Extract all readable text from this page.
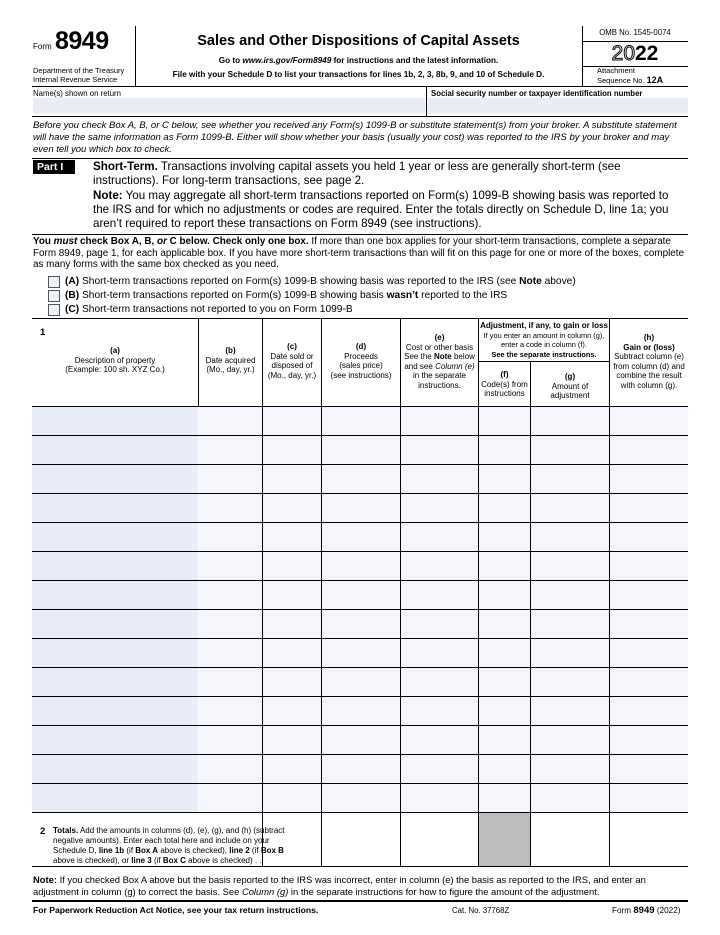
Form 8949
Department of the Treasury
Internal Revenue Service
Sales and Other Dispositions of Capital Assets
Go to www.irs.gov/Form8949 for instructions and the latest information.
File with your Schedule D to list your transactions for lines 1b, 2, 3, 8b, 9, and 10 of Schedule D.
OMB No. 1545-0074
2022
Attachment
Sequence No. 12A
Name(s) shown on return	Social security number or taxpayer identification number
Before you check Box A, B, or C below, see whether you received any Form(s) 1099-B or substitute statement(s) from your broker. A substitute statement will have the same information as Form 1099-B. Either will show whether your basis (usually your cost) was reported to the IRS by your broker and may even tell you which box to check.
Part I	Short-Term. Transactions involving capital assets you held 1 year or less are generally short-term (see instructions). For long-term transactions, see page 2.
Note: You may aggregate all short-term transactions reported on Form(s) 1099-B showing basis was reported to the IRS and for which no adjustments or codes are required. Enter the totals directly on Schedule D, line 1a; you aren’t required to report these transactions on Form 8949 (see instructions).
You must check Box A, B, or C below. Check only one box. If more than one box applies for your short-term transactions, complete a separate Form 8949, page 1, for each applicable box. If you have more short-term transactions than will fit on this page for one or more of the boxes, complete as many forms with the same box checked as you need.
(A) Short-term transactions reported on Form(s) 1099-B showing basis was reported to the IRS (see Note above)
(B) Short-term transactions reported on Form(s) 1099-B showing basis wasn’t reported to the IRS
(C) Short-term transactions not reported to you on Form 1099-B
1
(a)
Description of property
(Example: 100 sh. XYZ Co.)
(b)
Date acquired
(Mo., day, yr.)
(c)
Date sold or
disposed of
(Mo., day, yr.)
(d)
Proceeds
(sales price)
(see instructions)
(e)
Cost or other basis
See the Note below
and see Column (e)
in the separate
instructions.
Adjustment, if any, to gain or loss
If you enter an amount in column (g),
enter a code in column (f).
See the separate instructions.
(f)
Code(s) from
instructions
(g)
Amount of
adjustment
(h)
Gain or (loss)
Subtract column (e)
from column (d) and
combine the result
with column (g).
2 Totals. Add the amounts in columns (d), (e), (g), and (h) (subtract
negative amounts). Enter each total here and include on your
Schedule D, line 1b (if Box A above is checked), line 2 (if Box B
above is checked), or line 3 (if Box C above is checked) . .
Note: If you checked Box A above but the basis reported to the IRS was incorrect, enter in column (e) the basis as reported to the IRS, and enter an adjustment in column (g) to correct the basis. See Column (g) in the separate instructions for how to figure the amount of the adjustment.
For Paperwork Reduction Act Notice, see your tax return instructions.	Cat. No. 37768Z	Form 8949 (2022)
